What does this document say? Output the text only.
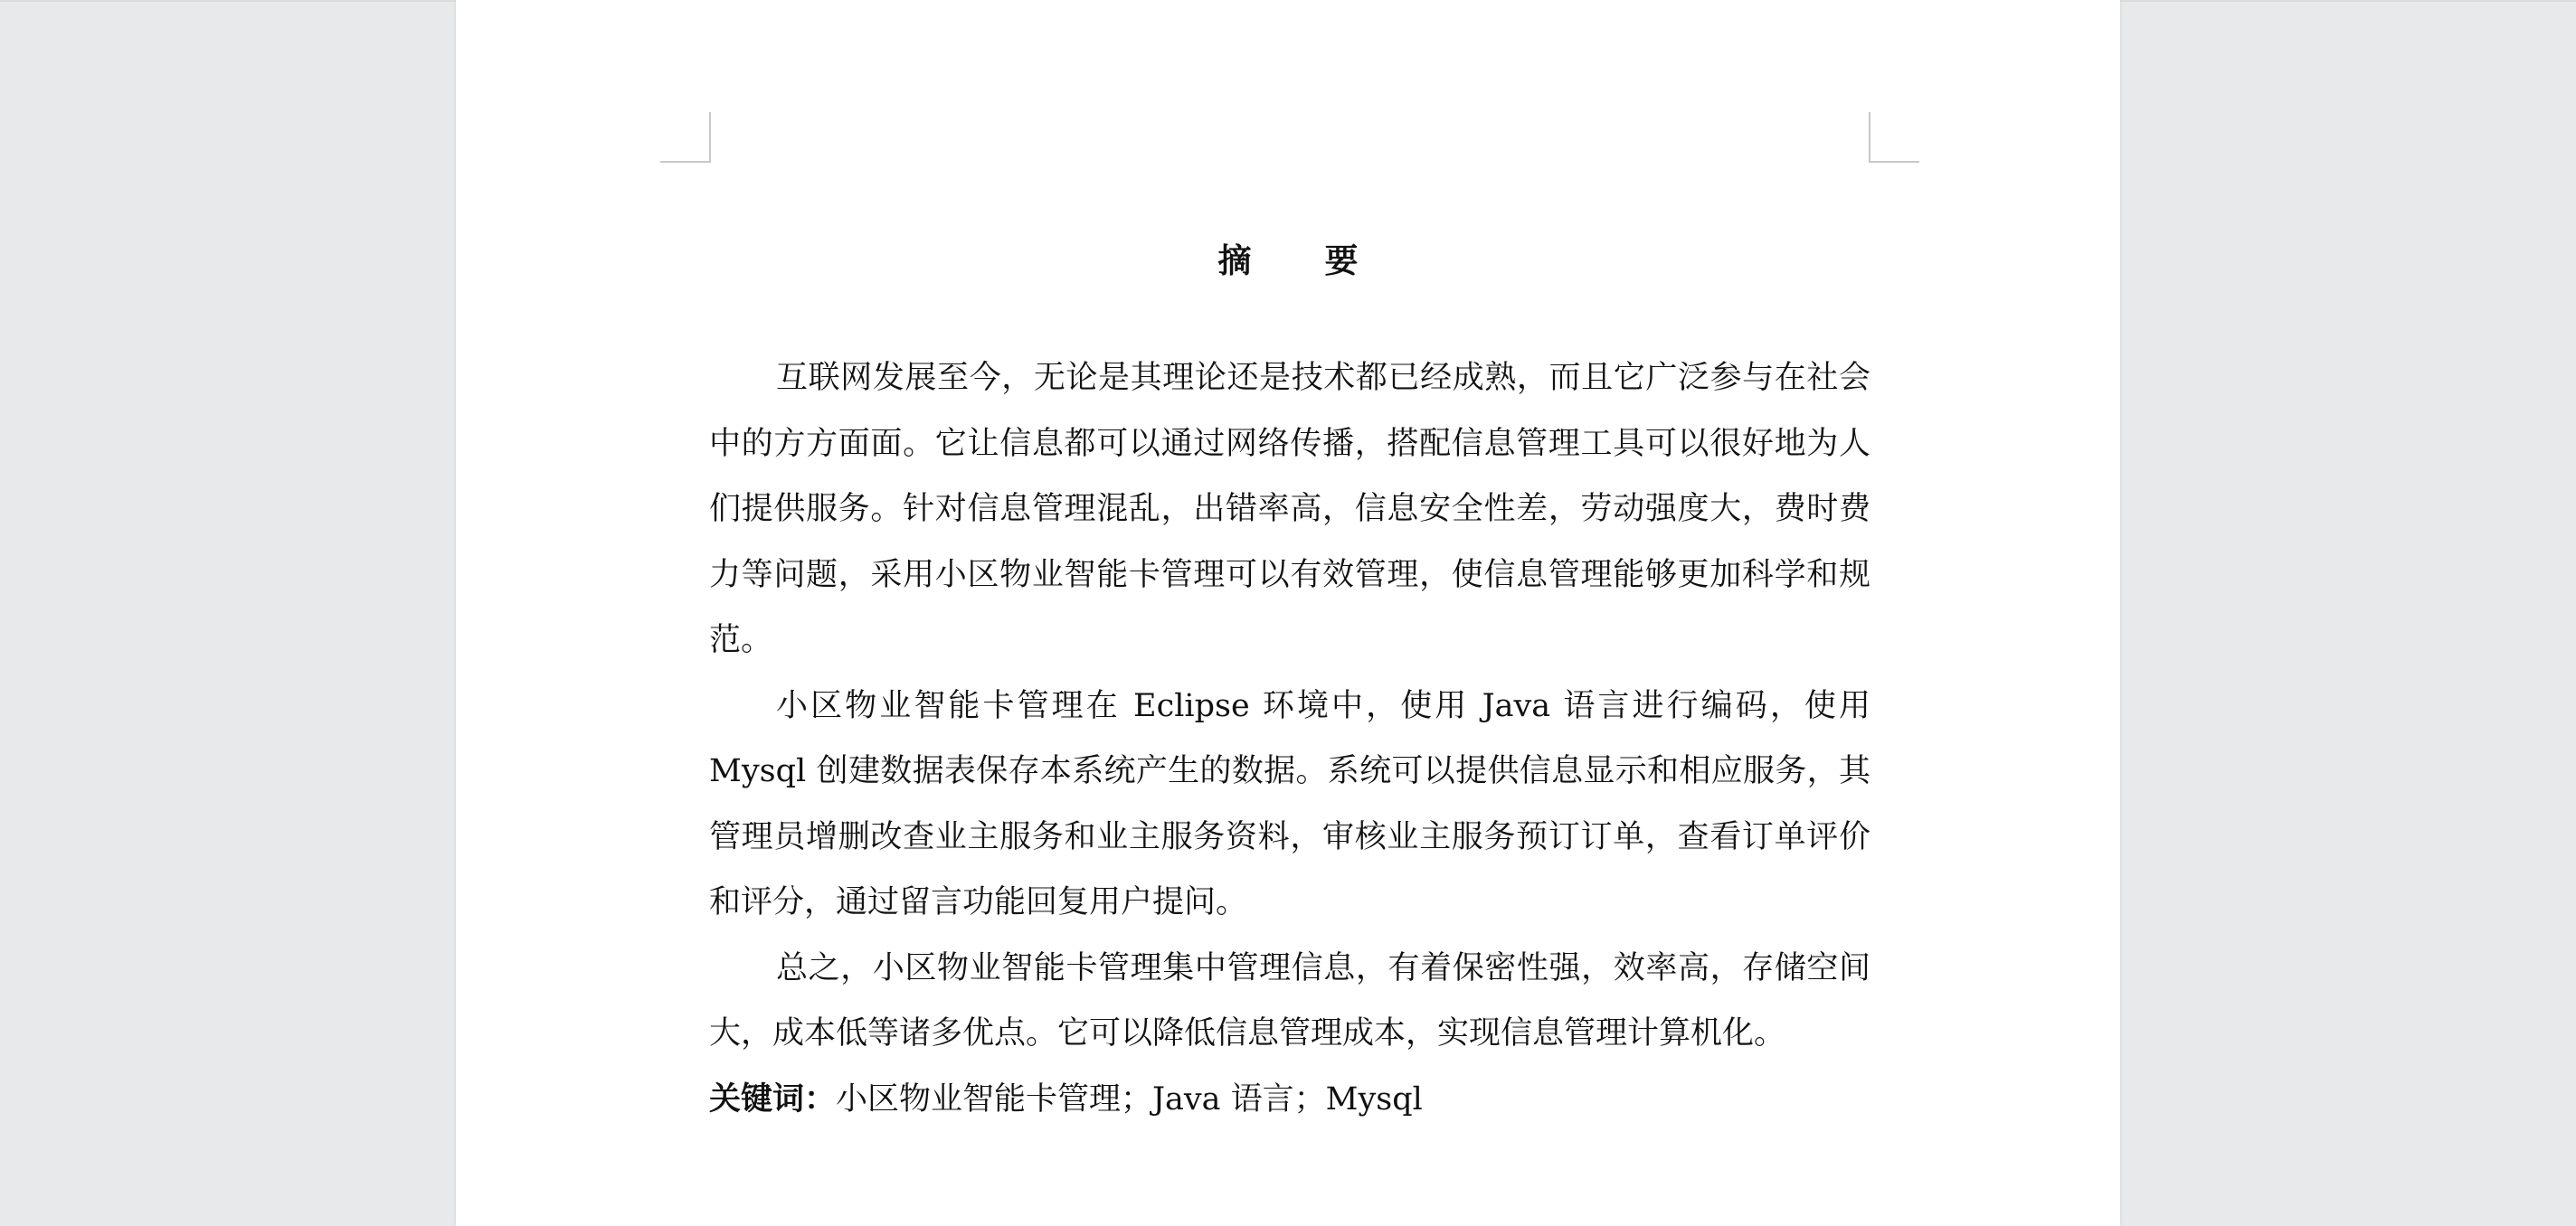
摘　要

互联网发展至今，无论是其理论还是技术都已经成熟，而且它广泛参与在社会中的方方面面。它让信息都可以通过网络传播，搭配信息管理工具可以很好地为人们提供服务。针对信息管理混乱，出错率高，信息安全性差，劳动强度大，费时费力等问题，采用小区物业智能卡管理可以有效管理，使信息管理能够更加科学和规范。

小区物业智能卡管理在 Eclipse 环境中，使用 Java 语言进行编码，使用 Mysql 创建数据表保存本系统产生的数据。系统可以提供信息显示和相应服务，其管理员增删改查业主服务和业主服务资料，审核业主服务预订订单，查看订单评价和评分，通过留言功能回复用户提问。

总之，小区物业智能卡管理集中管理信息，有着保密性强，效率高，存储空间大，成本低等诸多优点。它可以降低信息管理成本，实现信息管理计算机化。

关键词：小区物业智能卡管理；Java 语言；Mysql
